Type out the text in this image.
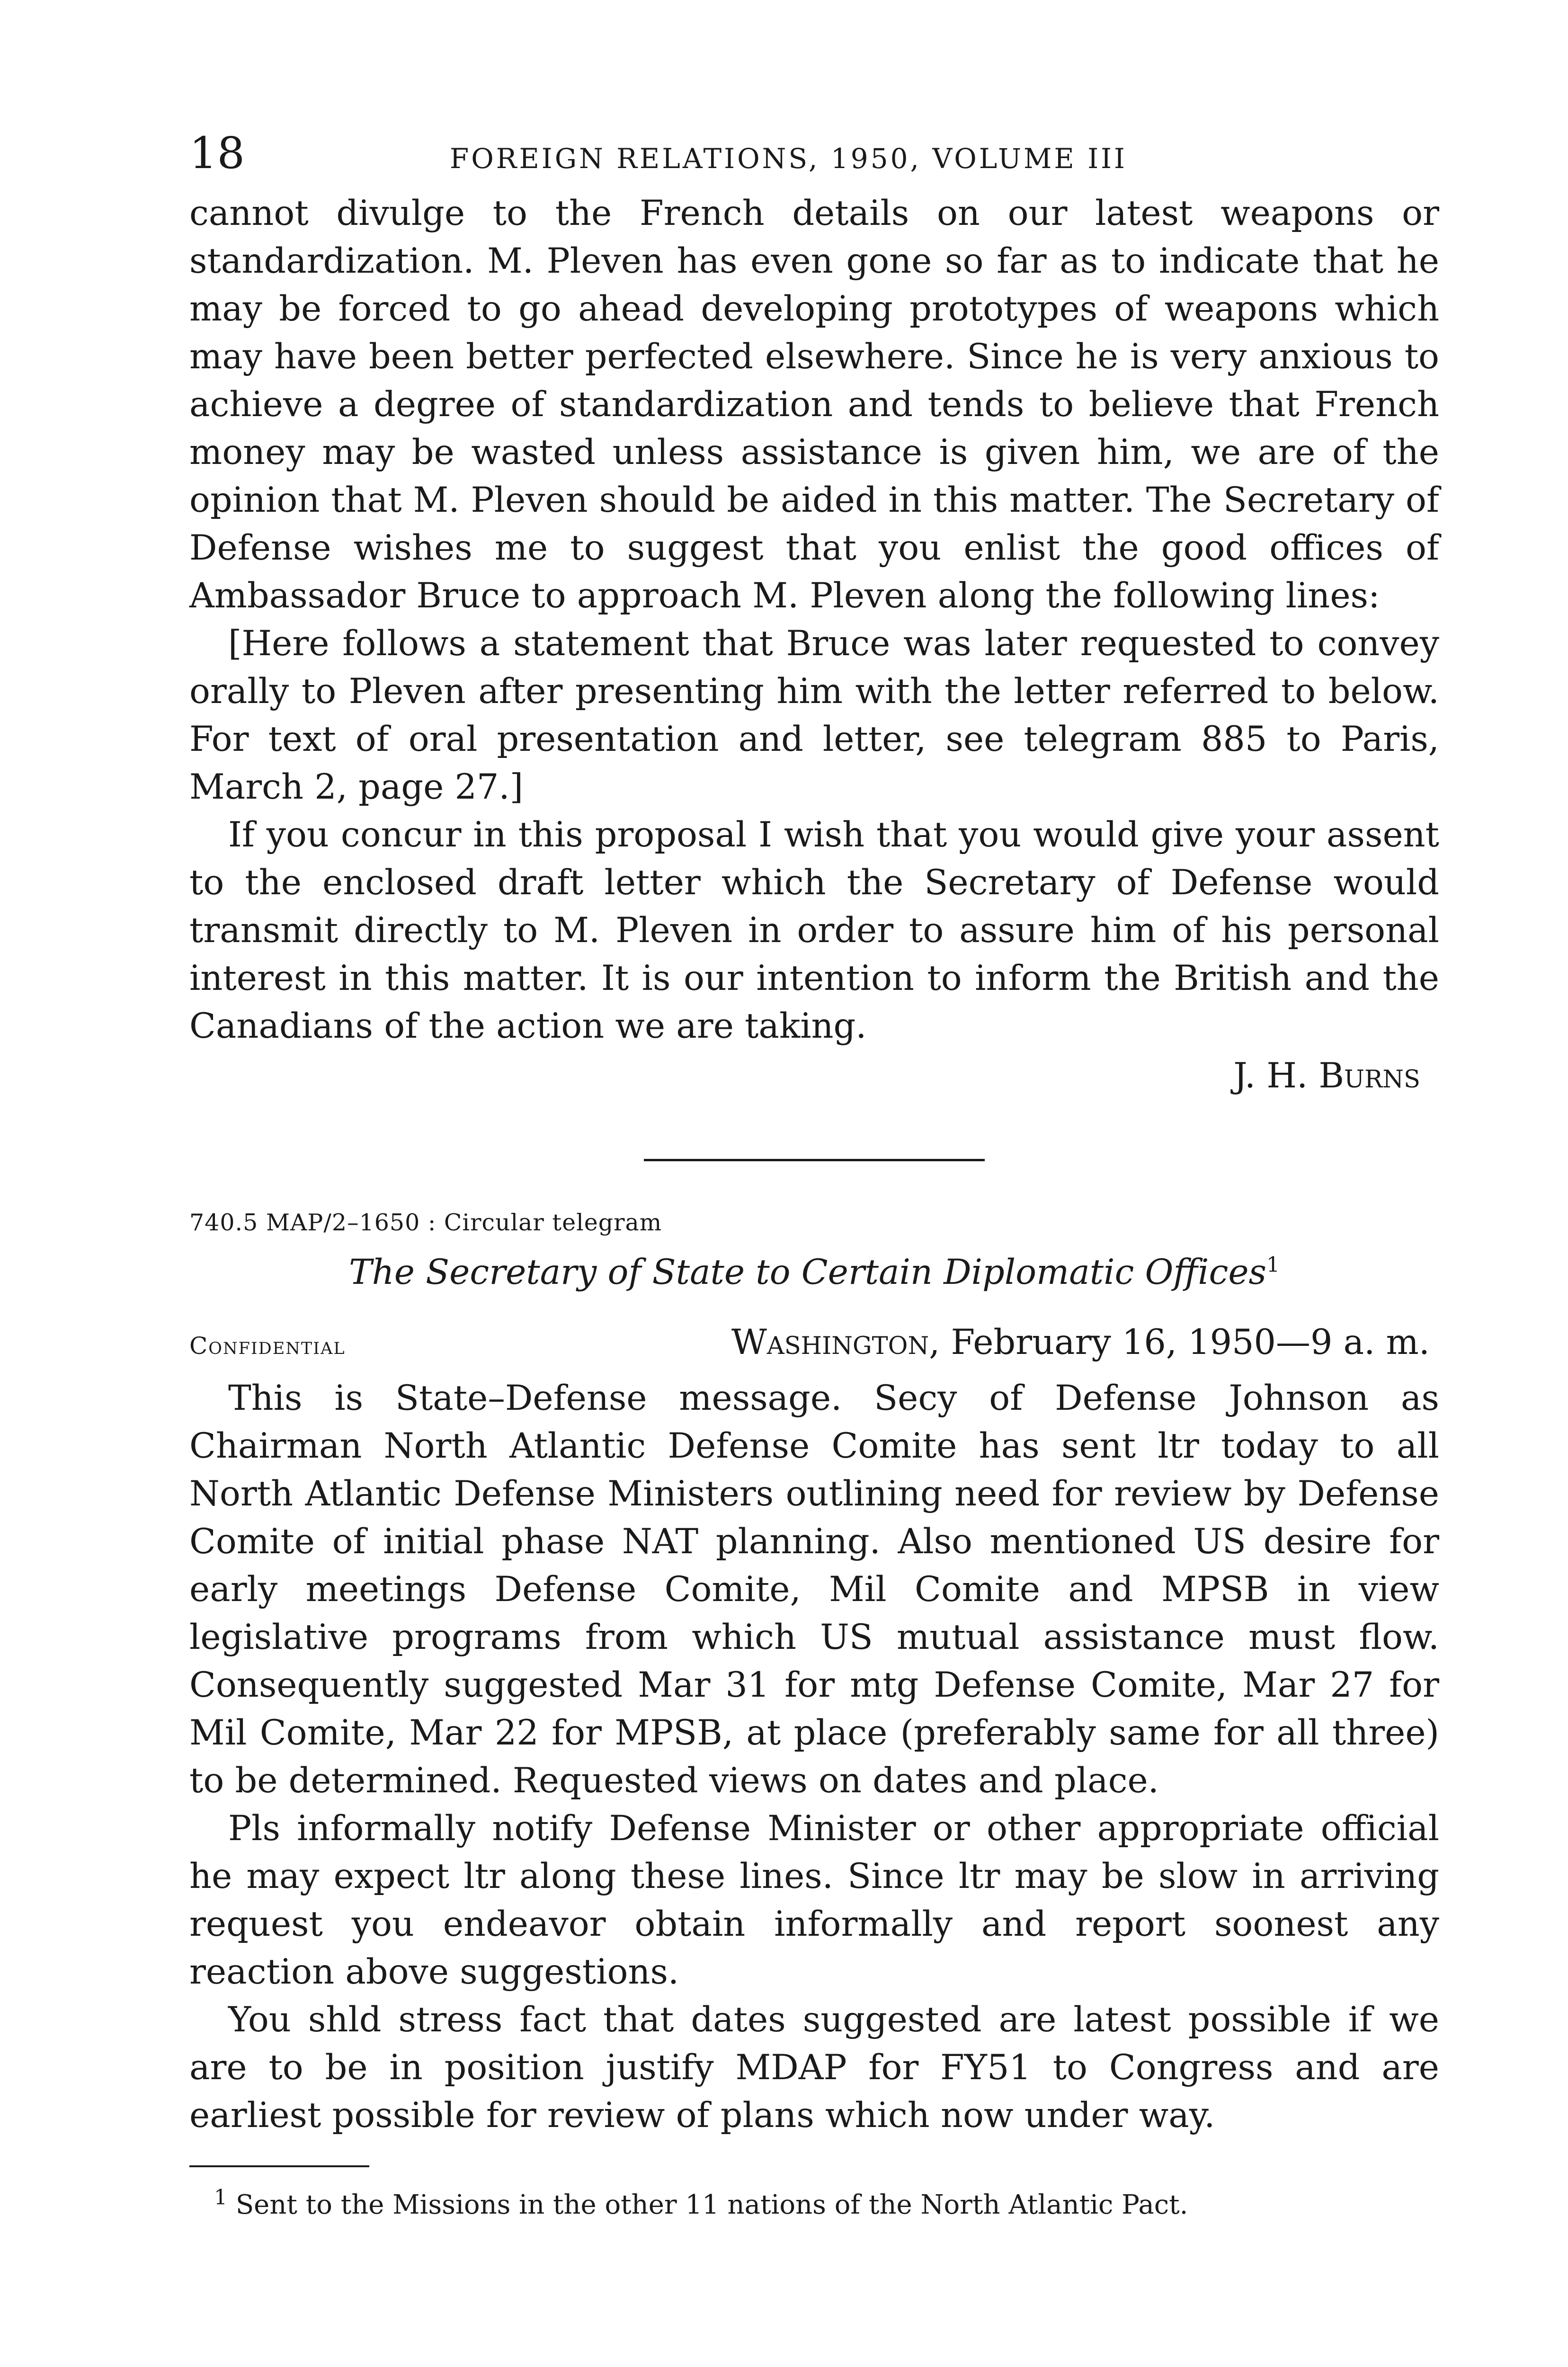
18	FOREIGN RELATIONS, 1950, VOLUME III

cannot divulge to the French details on our latest weapons or standardization. M. Pleven has even gone so far as to indicate that he may be forced to go ahead developing prototypes of weapons which may have been better perfected elsewhere. Since he is very anxious to achieve a degree of standardization and tends to believe that French money may be wasted unless assistance is given him, we are of the opinion that M. Pleven should be aided in this matter. The Secretary of Defense wishes me to suggest that you enlist the good offices of Ambassador Bruce to approach M. Pleven along the following lines:

[Here follows a statement that Bruce was later requested to convey orally to Pleven after presenting him with the letter referred to below. For text of oral presentation and letter, see telegram 885 to Paris, March 2, page 27.]

If you concur in this proposal I wish that you would give your assent to the enclosed draft letter which the Secretary of Defense would transmit directly to M. Pleven in order to assure him of his personal interest in this matter. It is our intention to inform the British and the Canadians of the action we are taking.

J. H. Burns
740.5 MAP/2–1650 : Circular telegram
The Secretary of State to Certain Diplomatic Offices$^1$
Confidential	Washington, February 16, 1950—9 a. m.

This is State–Defense message. Secy of Defense Johnson as Chairman North Atlantic Defense Comite has sent ltr today to all North Atlantic Defense Ministers outlining need for review by Defense Comite of initial phase NAT planning. Also mentioned US desire for early meetings Defense Comite, Mil Comite and MPSB in view legislative programs from which US mutual assistance must flow. Consequently suggested Mar 31 for mtg Defense Comite, Mar 27 for Mil Comite, Mar 22 for MPSB, at place (preferably same for all three) to be determined. Requested views on dates and place.

Pls informally notify Defense Minister or other appropriate official he may expect ltr along these lines. Since ltr may be slow in arriving request you endeavor obtain informally and report soonest any reaction above suggestions.

You shld stress fact that dates suggested are latest possible if we are to be in position justify MDAP for FY51 to Congress and are earliest possible for review of plans which now under way.

$^1$ Sent to the Missions in the other 11 nations of the North Atlantic Pact.
